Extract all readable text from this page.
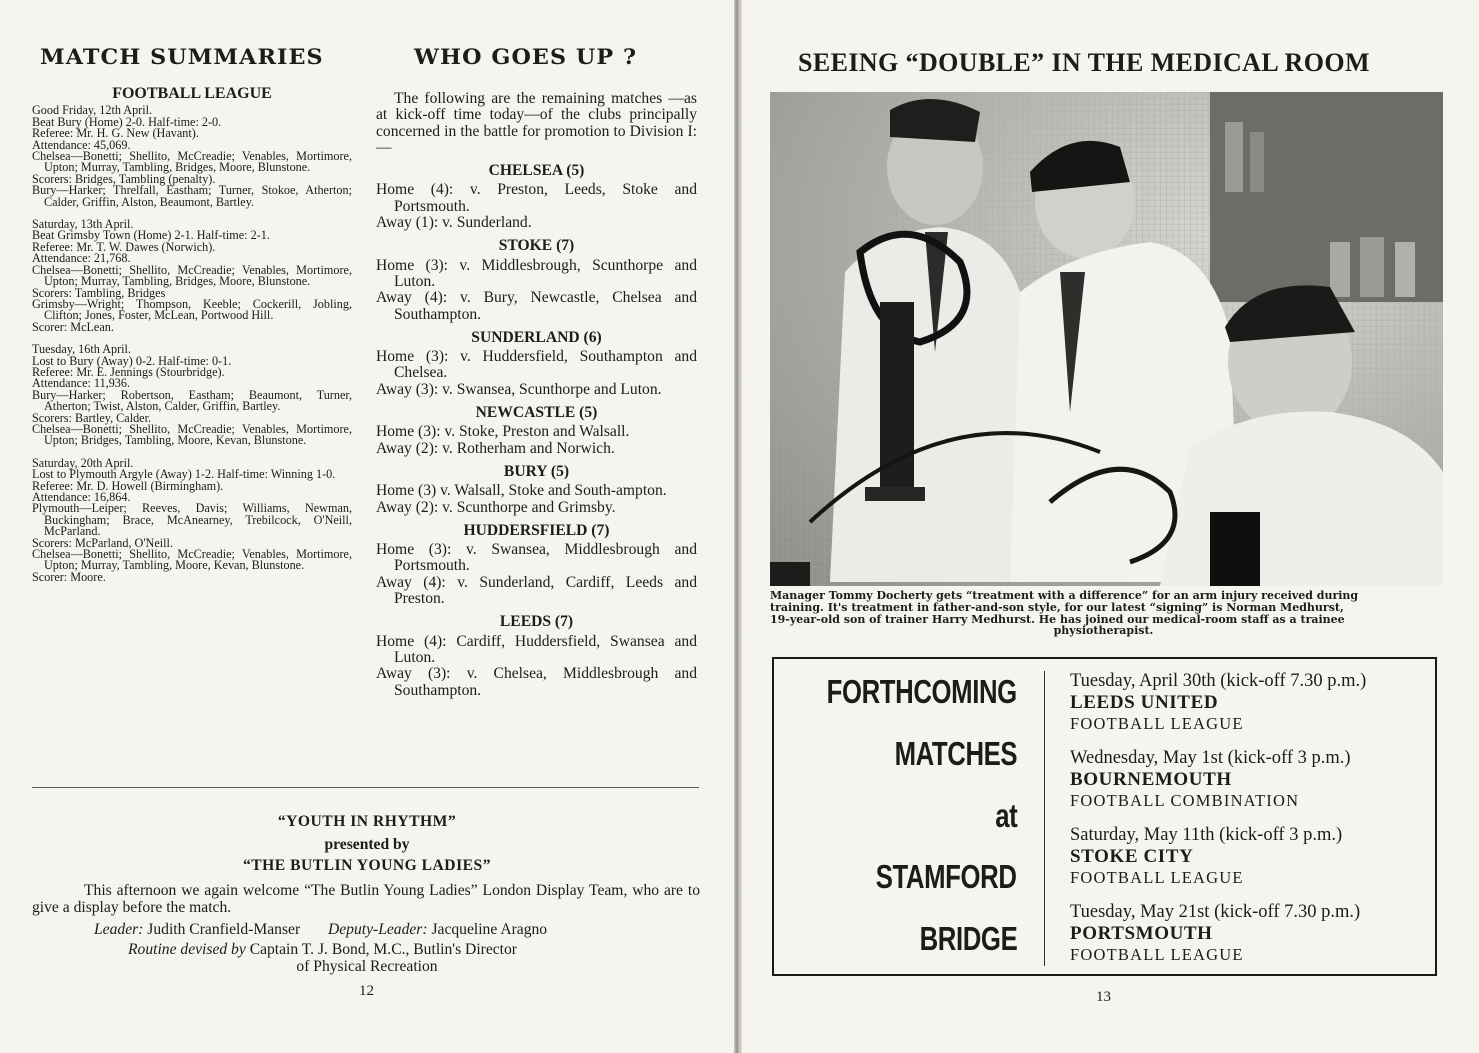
MATCH SUMMARIES	WHO GOES UP ?
FOOTBALL LEAGUE

Good Friday, 12th April.

Beat Bury (Home) 2-0. Half-time: 2-0.

Referee: Mr. H. G. New (Havant).

Attendance: 45,069.

Chelsea—Bonetti; Shellito, McCreadie; Venables, Mortimore, Upton; Murray, Tambling, Bridges, Moore, Blunstone.

Scorers: Bridges, Tambling (penalty).

Bury—Harker; Threlfall, Eastham; Turner, Stokoe, Atherton; Calder, Griffin, Alston, Beaumont, Bartley.

Saturday, 13th April.

Beat Grimsby Town (Home) 2-1. Half-time: 2-1.

Referee: Mr. T. W. Dawes (Norwich).

Attendance: 21,768.

Chelsea—Bonetti; Shellito, McCreadie; Venables, Mortimore, Upton; Murray, Tambling, Bridges, Moore, Blunstone.

Scorers: Tambling, Bridges

Grimsby—Wright; Thompson, Keeble; Cockerill, Jobling, Clifton; Jones, Foster, McLean, Portwood Hill.

Scorer: McLean.

Tuesday, 16th April.

Lost to Bury (Away) 0-2. Half-time: 0-1.

Referee: Mr. E. Jennings (Stourbridge).

Attendance: 11,936.

Bury—Harker; Robertson, Eastham; Beaumont, Turner, Atherton; Twist, Alston, Calder, Griffin, Bartley.

Scorers: Bartley, Calder.

Chelsea—Bonetti; Shellito, McCreadie; Venables, Mortimore, Upton; Bridges, Tambling, Moore, Kevan, Blunstone.

Saturday, 20th April.

Lost to Plymouth Argyle (Away) 1-2. Half-time: Winning 1-0.

Referee: Mr. D. Howell (Birmingham).

Attendance: 16,864.

Plymouth—Leiper; Reeves, Davis; Williams, Newman, Buckingham; Brace, McAnearney, Trebilcock, O'Neill, McParland.

Scorers: McParland, O'Neill.

Chelsea—Bonetti; Shellito, McCreadie; Venables, Mortimore, Upton; Murray, Tambling, Moore, Kevan, Blunstone.

Scorer: Moore.

The following are the remaining matches —as at kick-off time today—of the clubs principally concerned in the battle for promotion to Division I:—

CHELSEA (5)

Home (4): v. Preston, Leeds, Stoke and Portsmouth.

Away (1): v. Sunderland.

STOKE (7)

Home (3): v. Middlesbrough, Scunthorpe and Luton.

Away (4): v. Bury, Newcastle, Chelsea and Southampton.

SUNDERLAND (6)

Home (3): v. Huddersfield, Southampton and Chelsea.

Away (3): v. Swansea, Scunthorpe and Luton.

NEWCASTLE (5)

Home (3): v. Stoke, Preston and Walsall.

Away (2): v. Rotherham and Norwich.

BURY (5)

Home (3) v. Walsall, Stoke and South-ampton.

Away (2): v. Scunthorpe and Grimsby.

HUDDERSFIELD (7)

Home (3): v. Swansea, Middlesbrough and Portsmouth.

Away (4): v. Sunderland, Cardiff, Leeds and Preston.

LEEDS (7)

Home (4): Cardiff, Huddersfield, Swansea and Luton.

Away (3): v. Chelsea, Middlesbrough and Southampton.

“YOUTH IN RHYTHM”
presented by
“THE BUTLIN YOUNG LADIES”

This afternoon we again welcome “The Butlin Young Ladies” London Display Team, who are to give a display before the match.

Leader: Judith Cranfield-Manser Deputy-Leader: Jacqueline Aragno
Routine devised by Captain T. J. Bond, M.C., Butlin's Director
of Physical Recreation
12
SEEING “DOUBLE” IN THE MEDICAL ROOM
Manager Tommy Docherty gets “treatment with a difference” for an arm injury received during
training. It's treatment in father-and-son style, for our latest “signing” is Norman Medhurst,
19-year-old son of trainer Harry Medhurst. He has joined our medical-room staff as a trainee
physiotherapist.
FORTHCOMING
MATCHES
at
STAMFORD
BRIDGE
Tuesday, April 30th (kick-off 7.30 p.m.)
LEEDS UNITED
FOOTBALL LEAGUE
Wednesday, May 1st (kick-off 3 p.m.)
BOURNEMOUTH
FOOTBALL COMBINATION
Saturday, May 11th (kick-off 3 p.m.)
STOKE CITY
FOOTBALL LEAGUE
Tuesday, May 21st (kick-off 7.30 p.m.)
PORTSMOUTH
FOOTBALL LEAGUE
13
